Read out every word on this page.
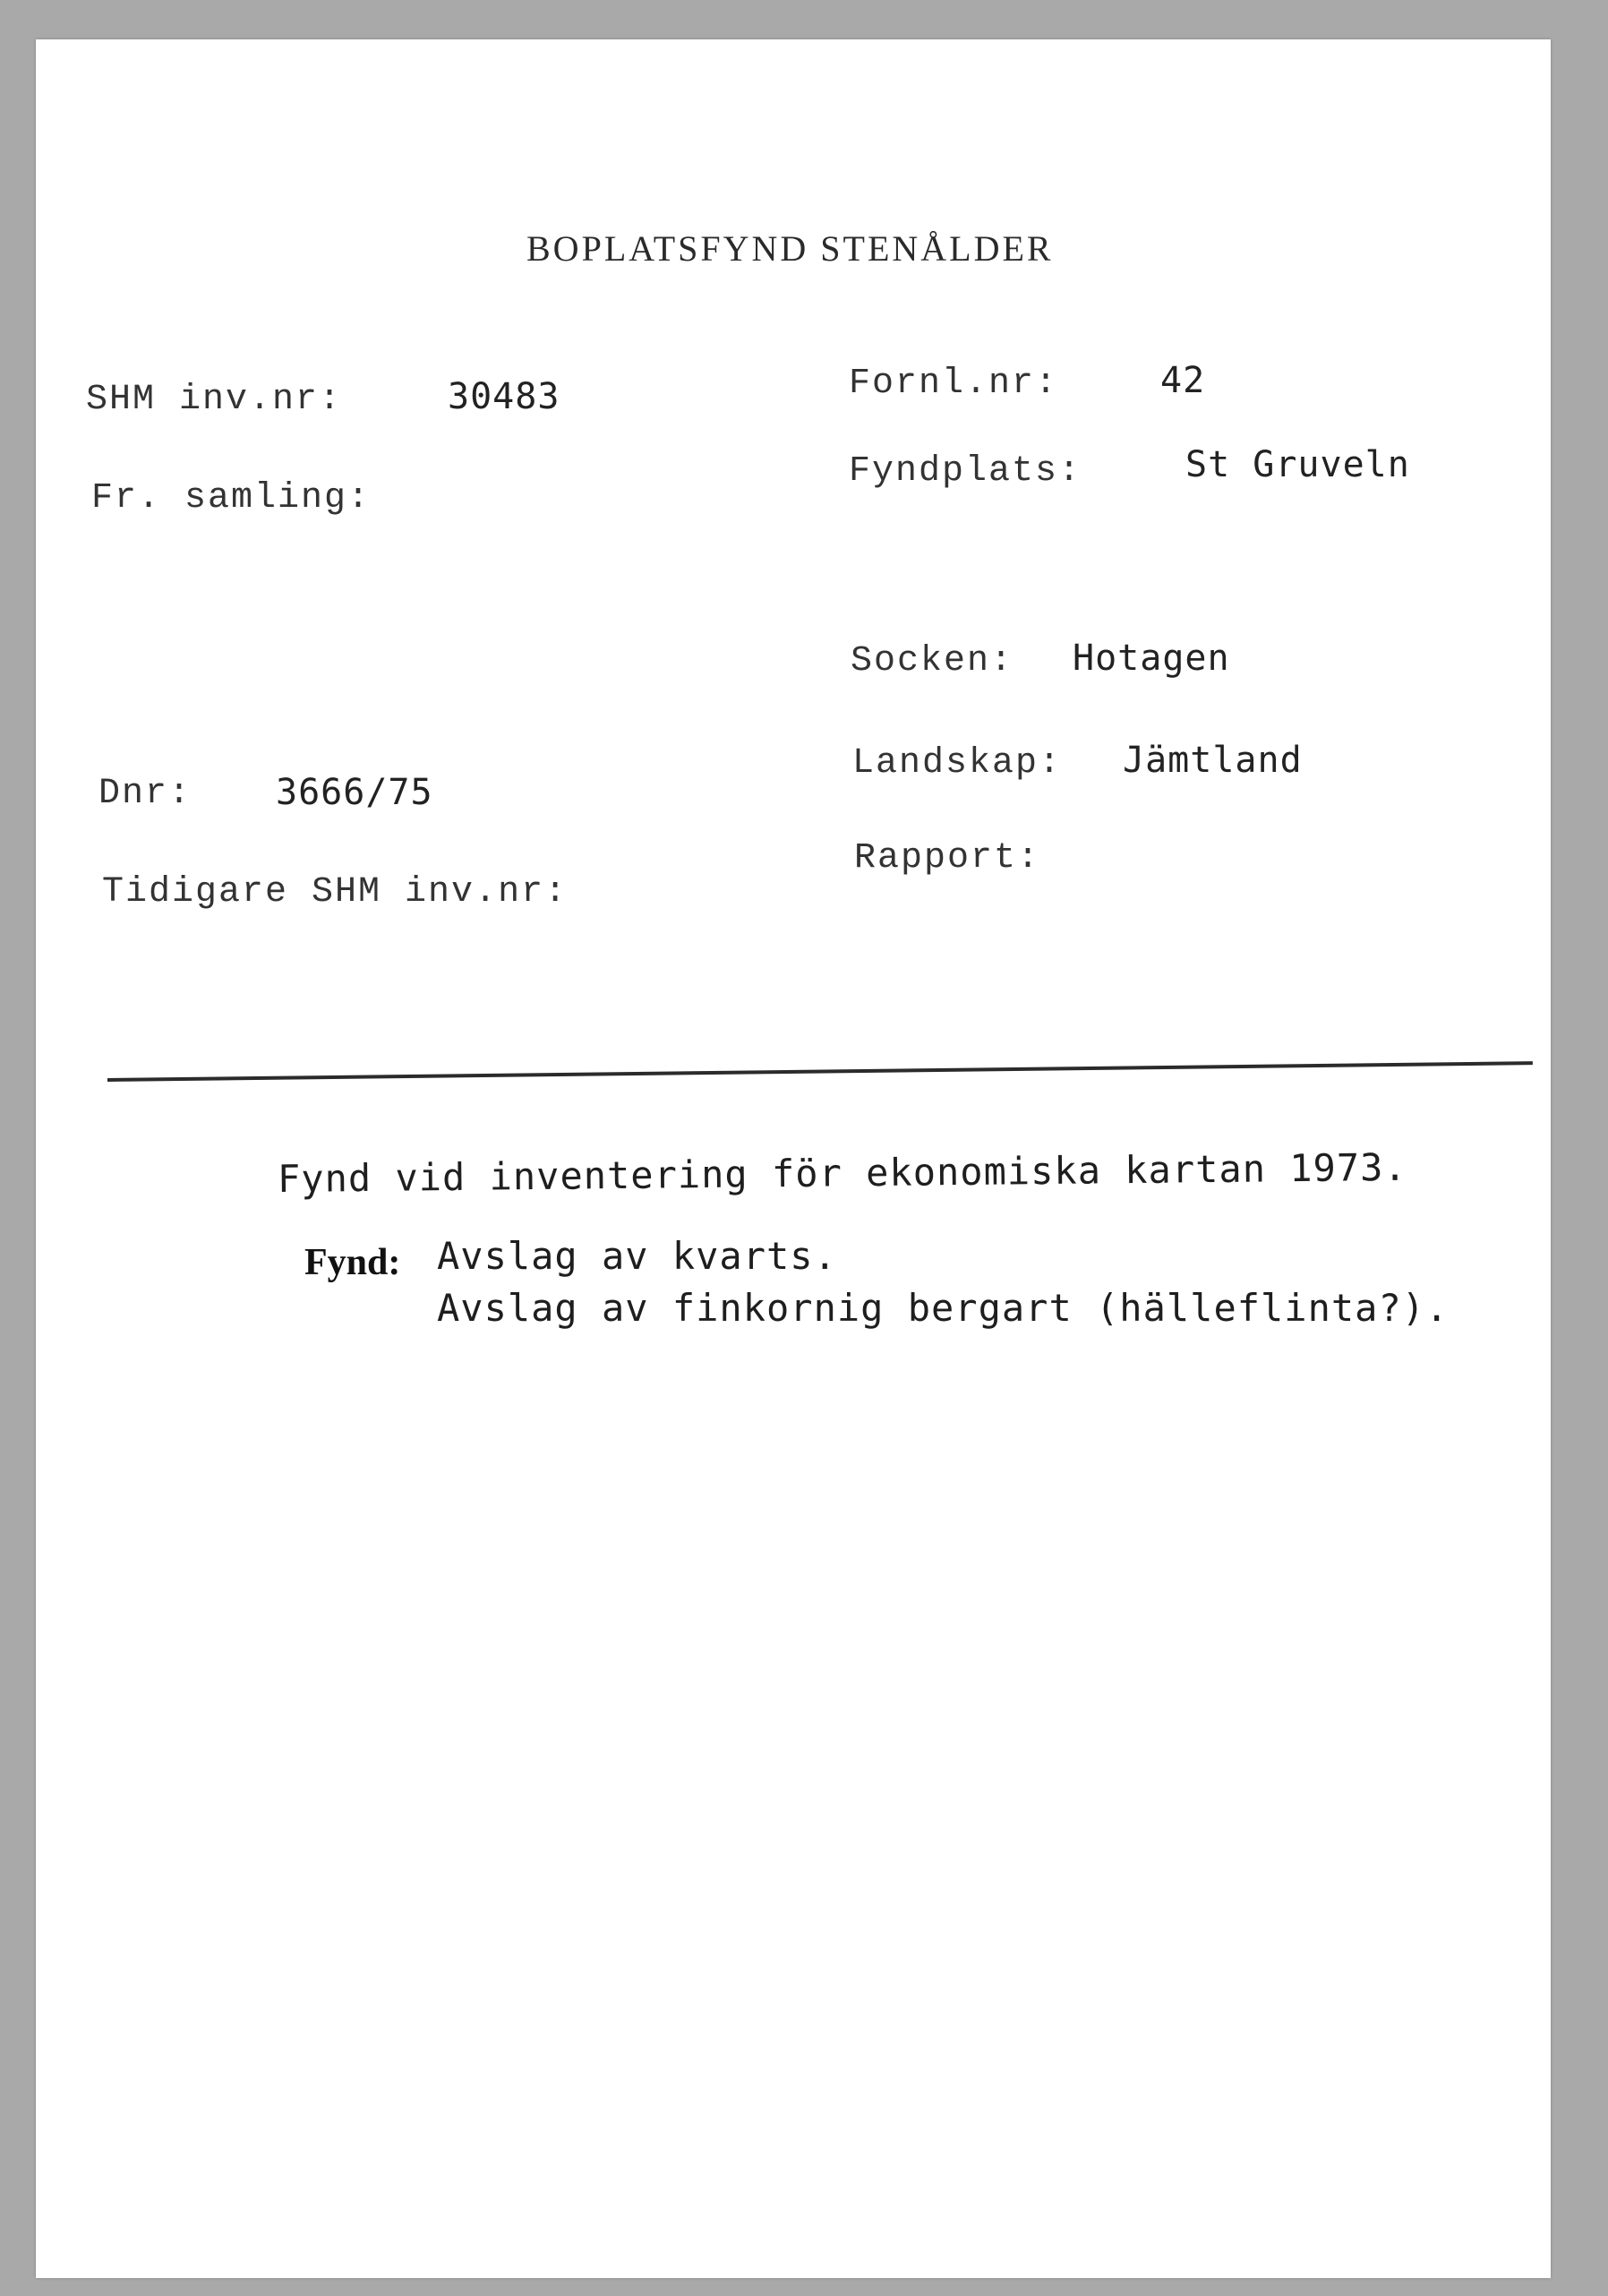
BOPLATSFYND STENÅLDER
SHM inv.nr:	30483
Fr. samling:
Dnr: 3666/75
Tidigare SHM inv.nr:
Fornl.nr:	42
Fyndplats:	St Gruveln
Socken: Hotagen
Landskap: Jämtland
Rapport:
Fynd vid inventering för ekonomiska kartan 1973.
Fynd: Avslag av kvarts.
Avslag av finkornig bergart (hälleflinta?).
